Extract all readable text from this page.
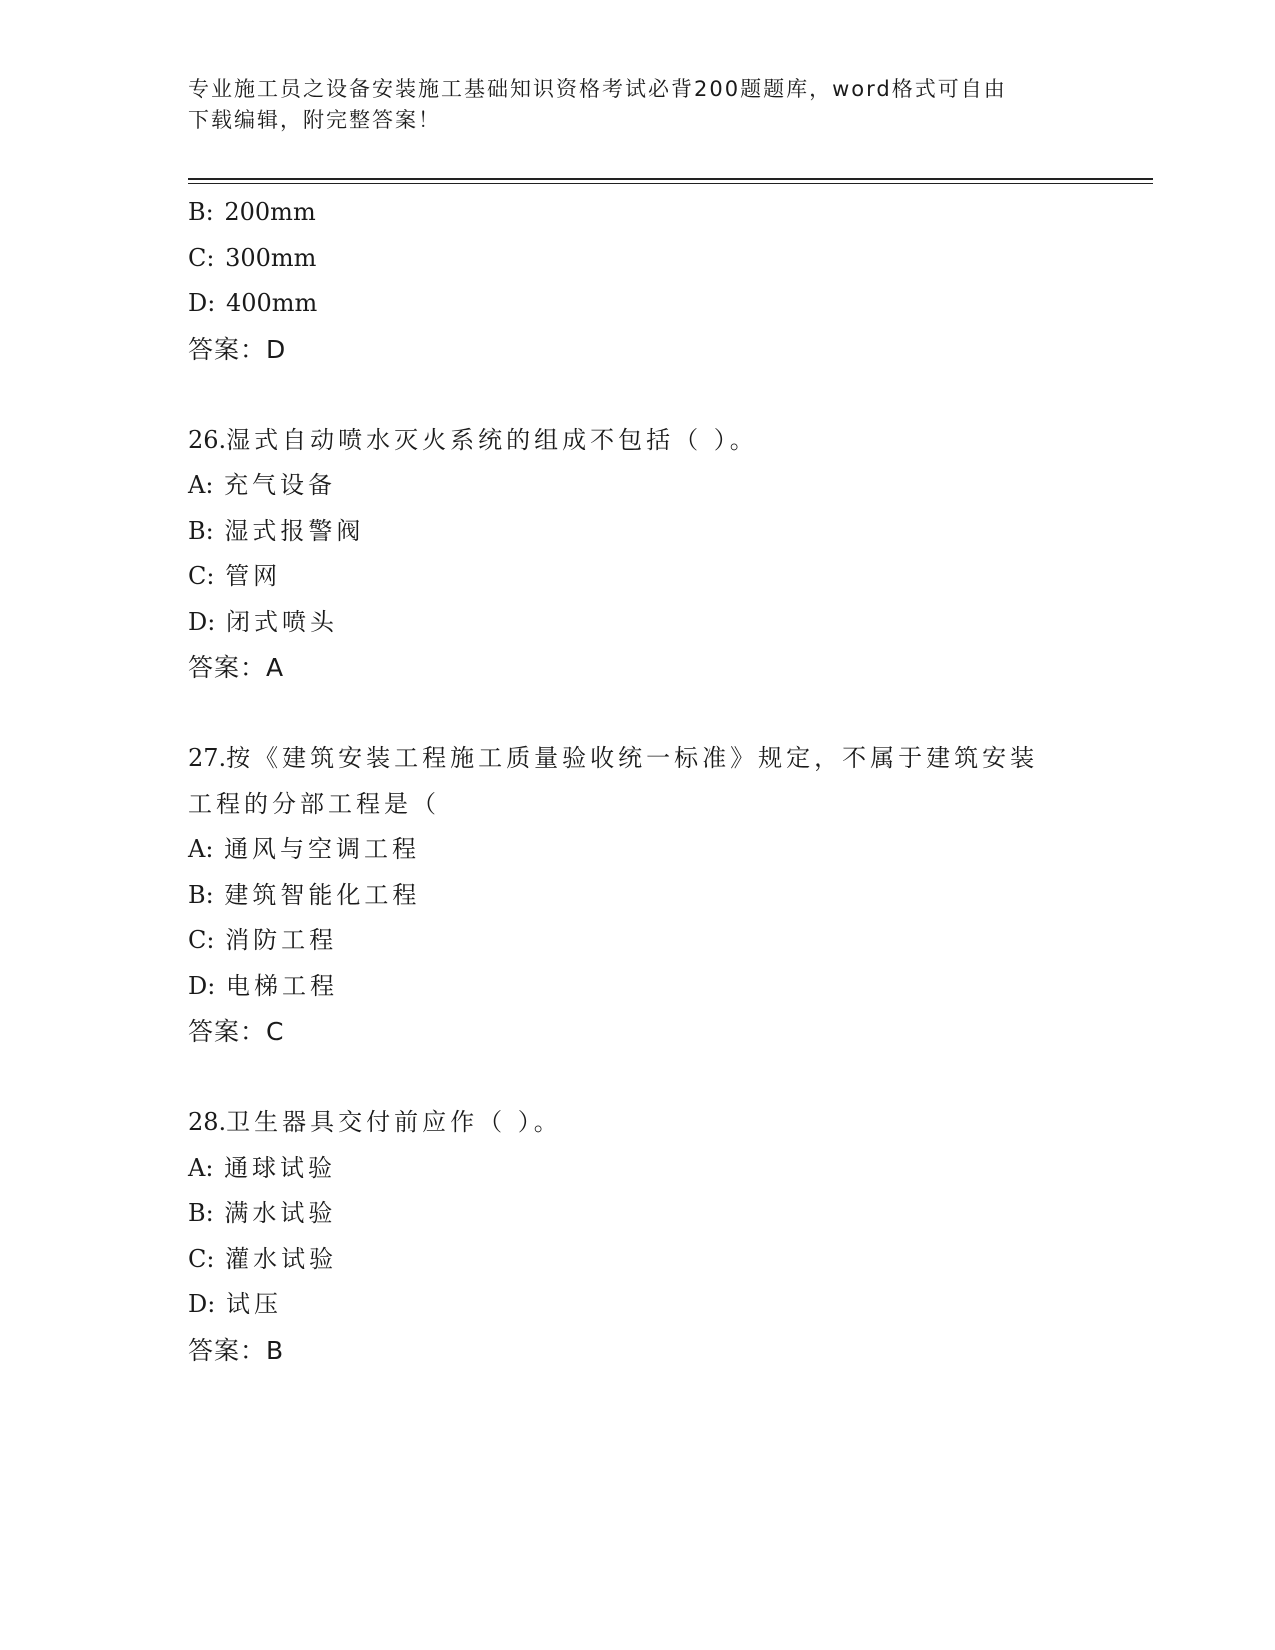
专业施工员之设备安装施工基础知识资格考试必背200题题库，word格式可自由
下载编辑，附完整答案！
B: 200mm
C: 300mm
D: 400mm
答案：D
26.湿式自动喷水灭火系统的组成不包括（ ）。
A: 充气设备
B: 湿式报警阀
C: 管网
D: 闭式喷头
答案：A
27.按《建筑安装工程施工质量验收统一标准》规定，不属于建筑安装
工程的分部工程是（
A: 通风与空调工程
B: 建筑智能化工程
C: 消防工程
D: 电梯工程
答案：C
28.卫生器具交付前应作（ ）。
A: 通球试验
B: 满水试验
C: 灌水试验
D: 试压
答案：B
